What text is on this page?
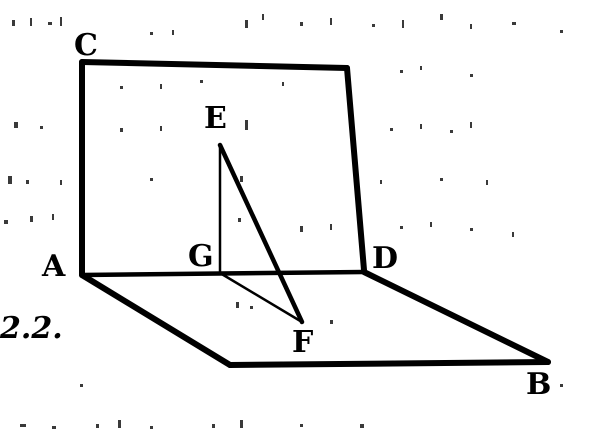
C
E
G
A	D
F
B
2.2.
